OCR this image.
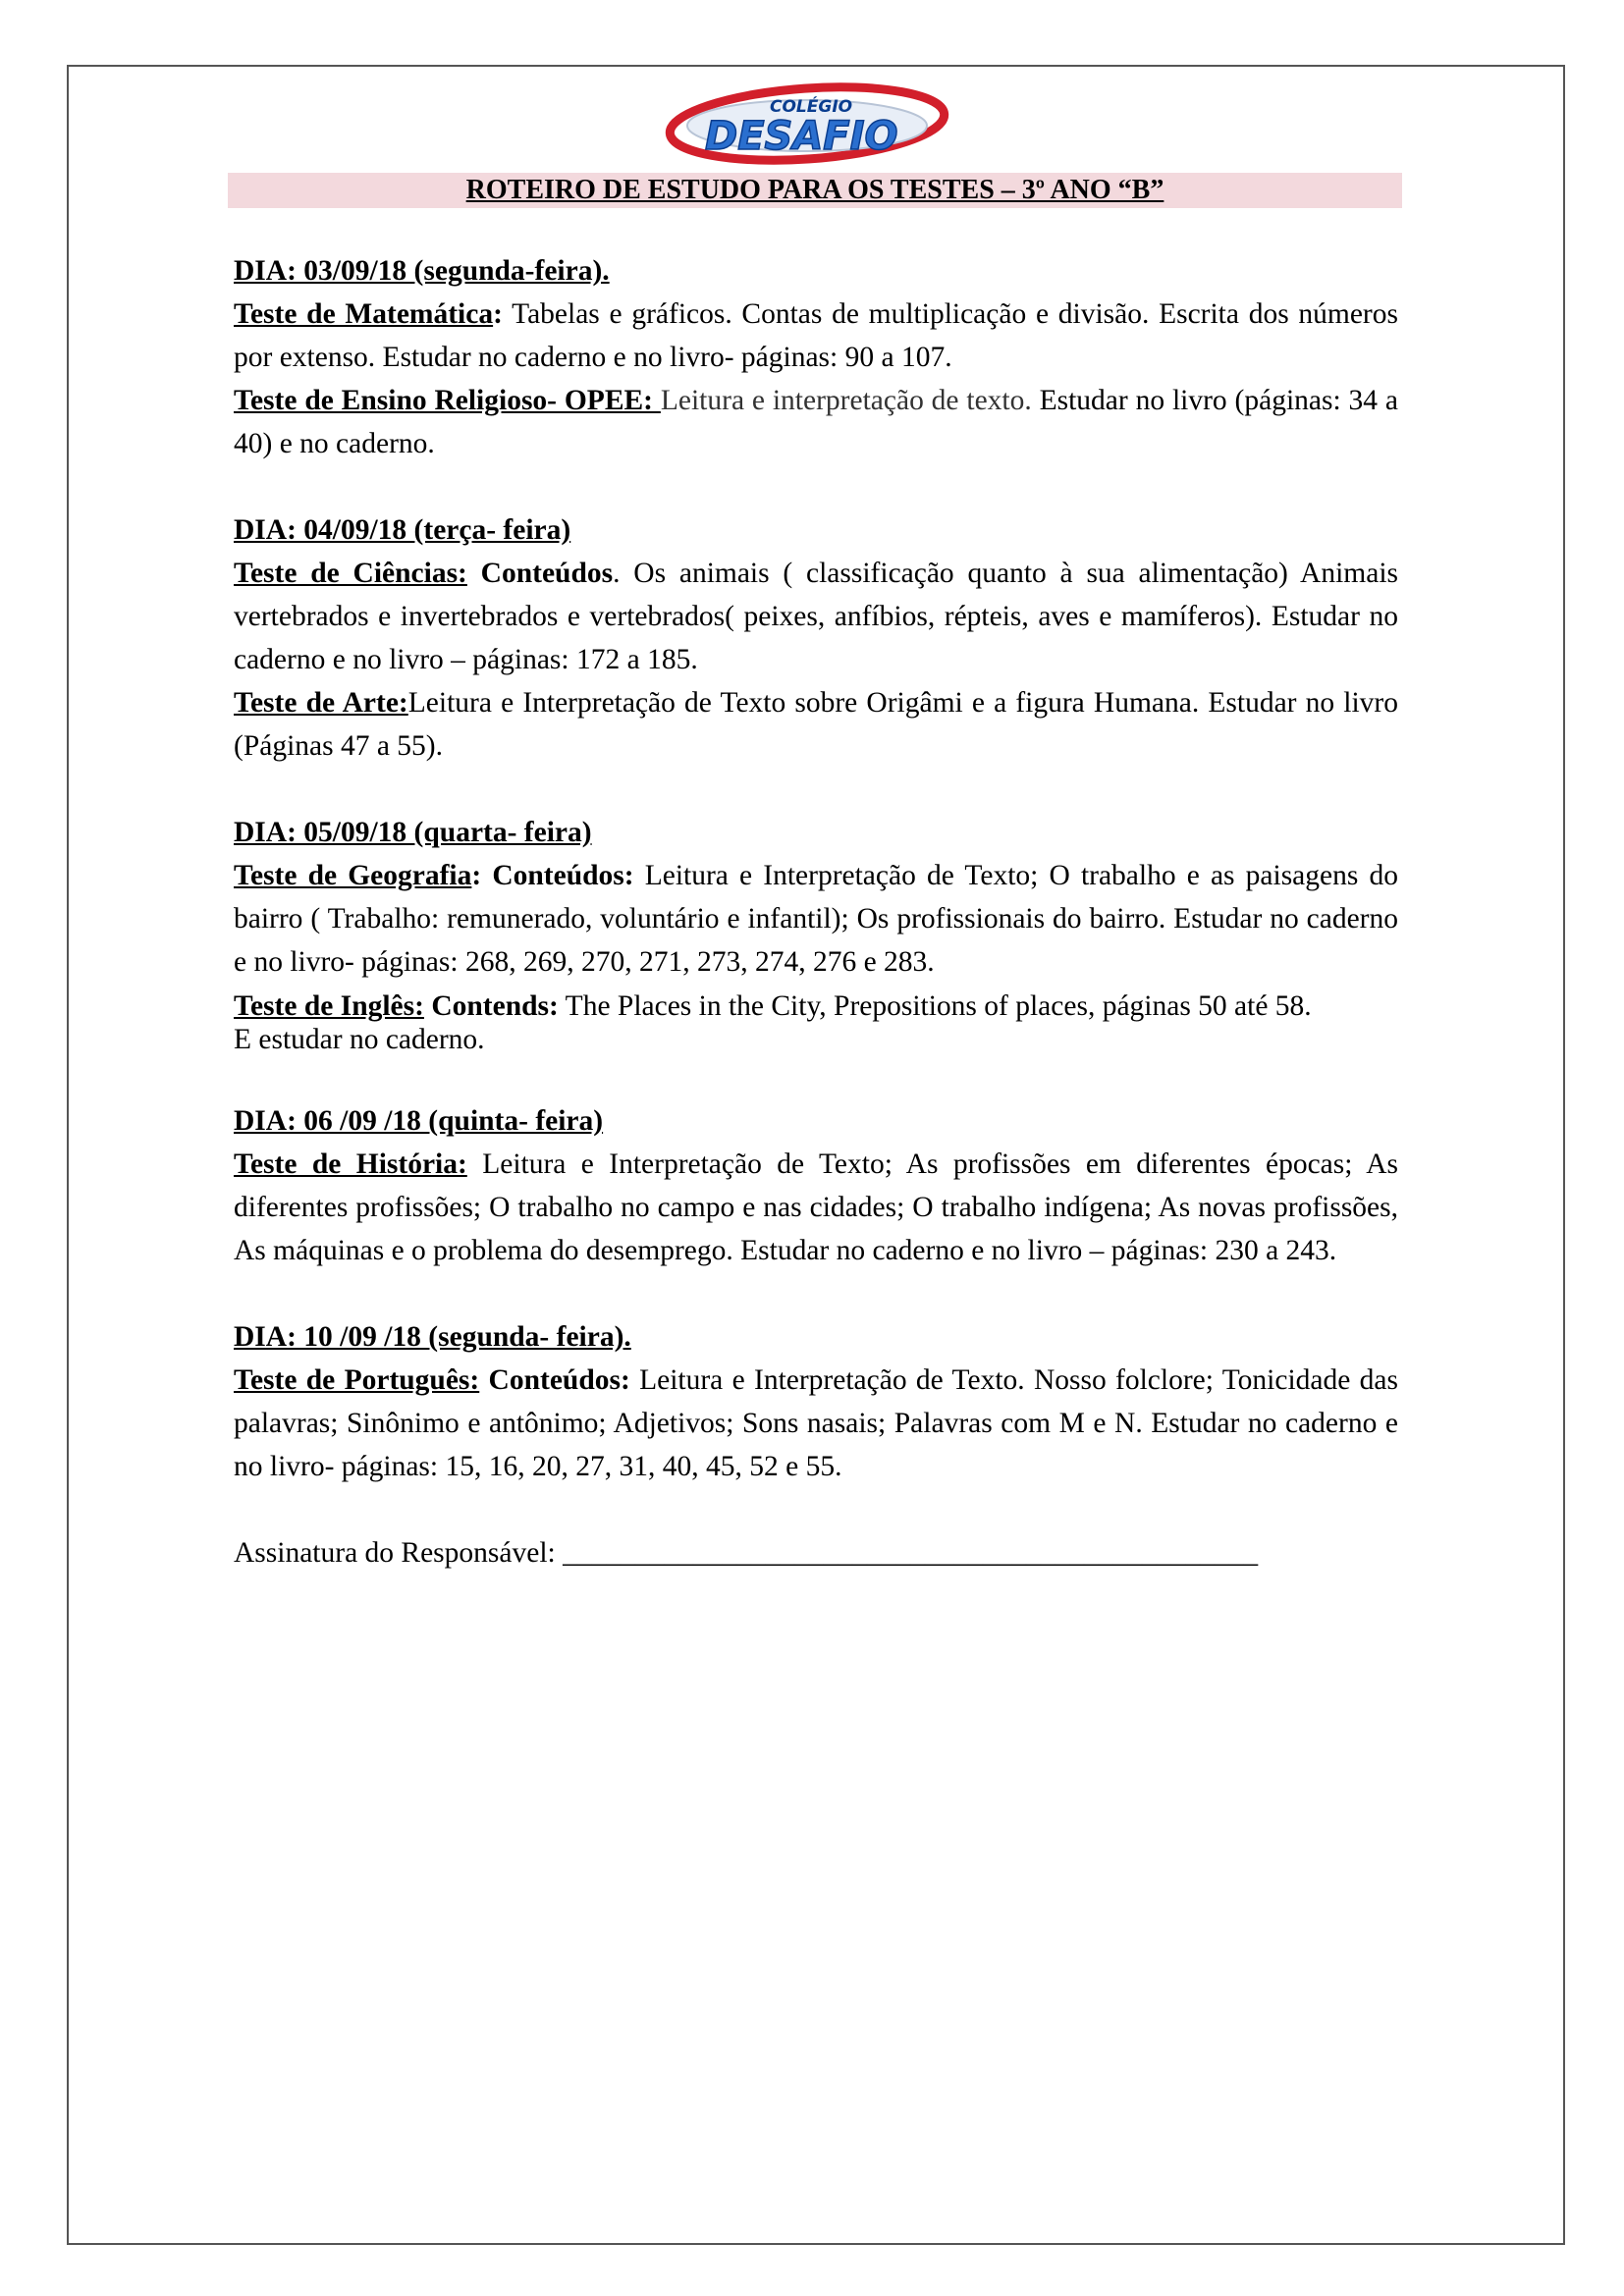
COLÉGIO
DESAFIO
ROTEIRO DE ESTUDO PARA OS TESTES – 3º ANO “B”
DIA: 03/09/18 (segunda-feira).
Teste de Matemática: Tabelas e gráficos. Contas de multiplicação e divisão. Escrita dos números por extenso. Estudar no caderno e no livro- páginas: 90 a 107.
Teste de Ensino Religioso- OPEE: Leitura e interpretação de texto. Estudar no livro (páginas: 34 a 40) e no caderno.
DIA: 04/09/18 (terça- feira)
Teste de Ciências: Conteúdos. Os animais ( classificação quanto à sua alimentação) Animais vertebrados e invertebrados e vertebrados( peixes, anfíbios, répteis, aves e mamíferos). Estudar no caderno e no livro – páginas: 172 a 185.
Teste de Arte:Leitura e Interpretação de Texto sobre Origâmi e a figura Humana. Estudar no livro (Páginas 47 a 55).
DIA: 05/09/18 (quarta- feira)
Teste de Geografia: Conteúdos: Leitura e Interpretação de Texto; O trabalho e as paisagens do bairro ( Trabalho: remunerado, voluntário e infantil); Os profissionais do bairro. Estudar no caderno e no livro- páginas: 268, 269, 270, 271, 273, 274, 276 e 283.
Teste de Inglês: Contends: The Places in the City, Prepositions of places, páginas 50 até 58.
E estudar no caderno.
DIA: 06 /09 /18 (quinta- feira)
Teste de História: Leitura e Interpretação de Texto; As profissões em diferentes épocas; As diferentes profissões; O trabalho no campo e nas cidades; O trabalho indígena; As novas profissões, As máquinas e o problema do desemprego. Estudar no caderno e no livro – páginas: 230 a 243.
DIA: 10 /09 /18 (segunda- feira).
Teste de Português: Conteúdos: Leitura e Interpretação de Texto. Nosso folclore; Tonicidade das palavras; Sinônimo e antônimo; Adjetivos; Sons nasais; Palavras com M e N. Estudar no caderno e no livro- páginas: 15, 16, 20, 27, 31, 40, 45, 52 e 55.
Assinatura do Responsável: ________________________________________________
